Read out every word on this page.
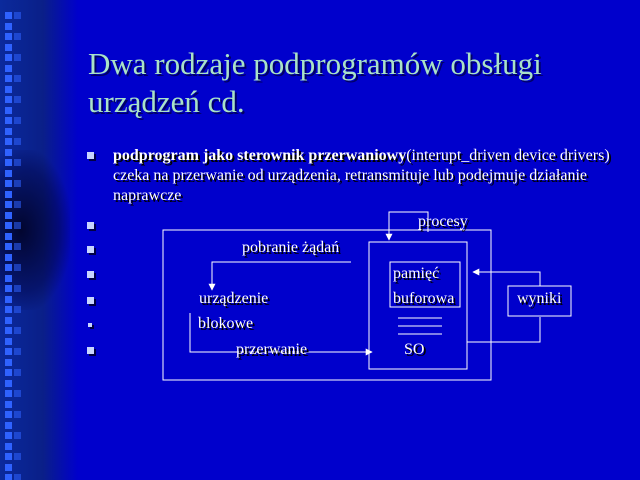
Dwa rodzaje podprogramów obsługi urządzeń cd.
podprogram jako sterownik przerwaniowy(interupt_driven device drivers) czeka na przerwanie od urządzenia, retransmituje lub podejmuje działanie naprawcze
procesy
pobranie żądań
pamięć
buforowa	wyniki
urządzenie
blokowe
przerwanie	SO
